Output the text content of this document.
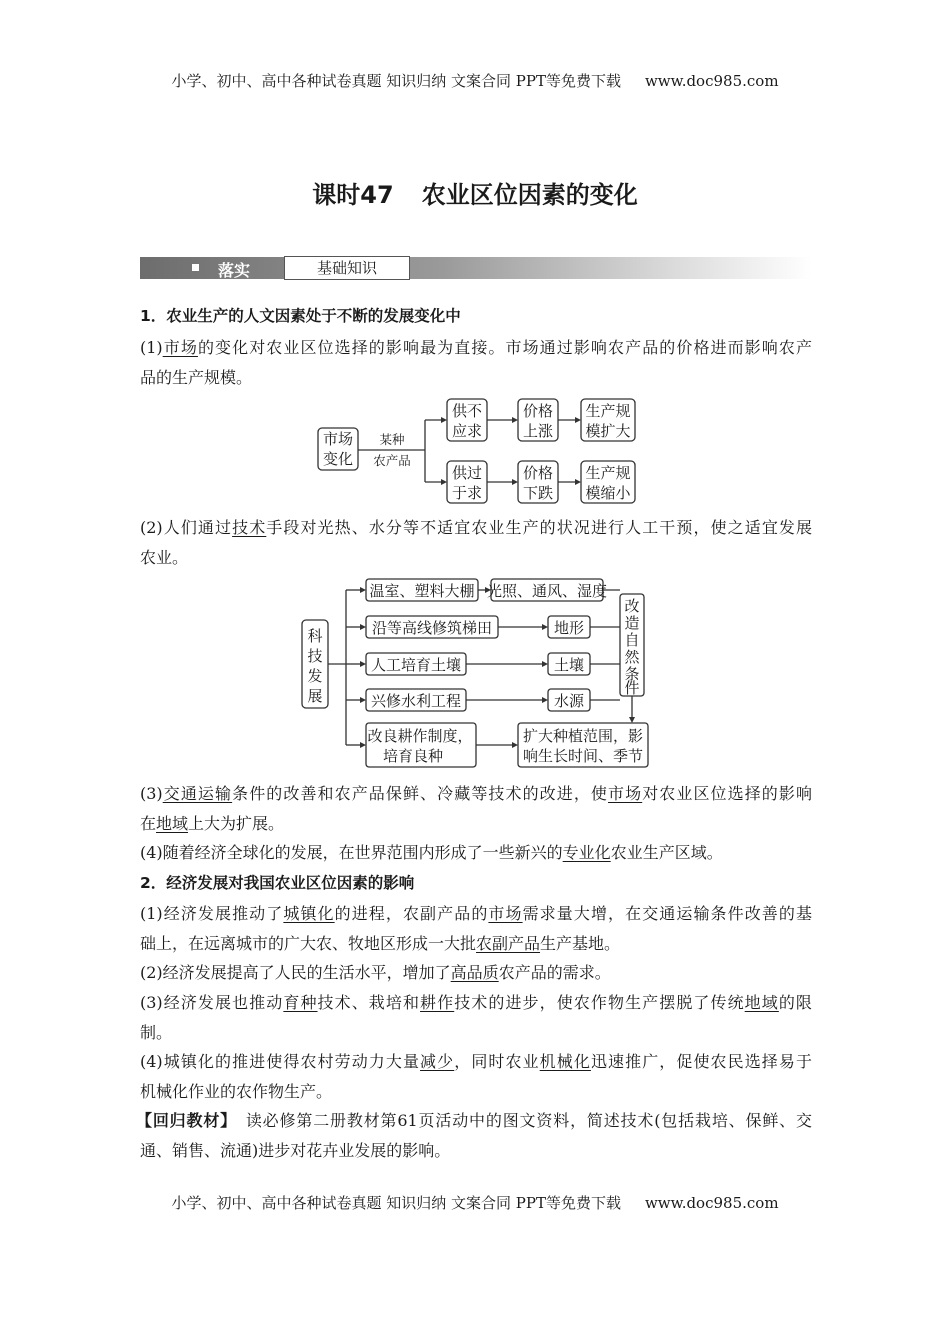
小学、初中、高中各种试卷真题 知识归纳 文案合同 PPT等免费下载 www.doc985.com
课时47 农业区位因素的变化
落实	基础知识
1．农业生产的人文因素处于不断的发展变化中
(1)市场的变化对农业区位选择的影响最为直接。市场通过影响农产品的价格进而影响农产
品的生产规模。
市场
变化
某种
农产品
供不
应求
价格
上涨
生产规
模扩大
供过
于求
价格
下跌
生产规
模缩小
(2)人们通过技术手段对光热、水分等不适宜农业生产的状况进行人工干预，使之适宜发展
农业。
科
技
发
展
温室、塑料大棚
沿等高线修筑梯田
人工培育土壤
兴修水利工程
改良耕作制度，
培育良种
光照、通风、湿度
地形
土壤
水源
扩大种植范围，影
响生长时间、季节
改
造
自
然
条
件
(3)交通运输条件的改善和农产品保鲜、冷藏等技术的改进，使市场对农业区位选择的影响
在地域上大为扩展。
(4)随着经济全球化的发展，在世界范围内形成了一些新兴的专业化农业生产区域。
2．经济发展对我国农业区位因素的影响
(1)经济发展推动了城镇化的进程，农副产品的市场需求量大增，在交通运输条件改善的基
础上，在远离城市的广大农、牧地区形成一大批农副产品生产基地。
(2)经济发展提高了人民的生活水平，增加了高品质农产品的需求。
(3)经济发展也推动育种技术、栽培和耕作技术的进步，使农作物生产摆脱了传统地域的限
制。
(4)城镇化的推进使得农村劳动力大量减少，同时农业机械化迅速推广，促使农民选择易于
机械化作业的农作物生产。
【回归教材】 读必修第二册教材第61页活动中的图文资料，简述技术(包括栽培、保鲜、交
通、销售、流通)进步对花卉业发展的影响。
小学、初中、高中各种试卷真题 知识归纳 文案合同 PPT等免费下载 www.doc985.com
